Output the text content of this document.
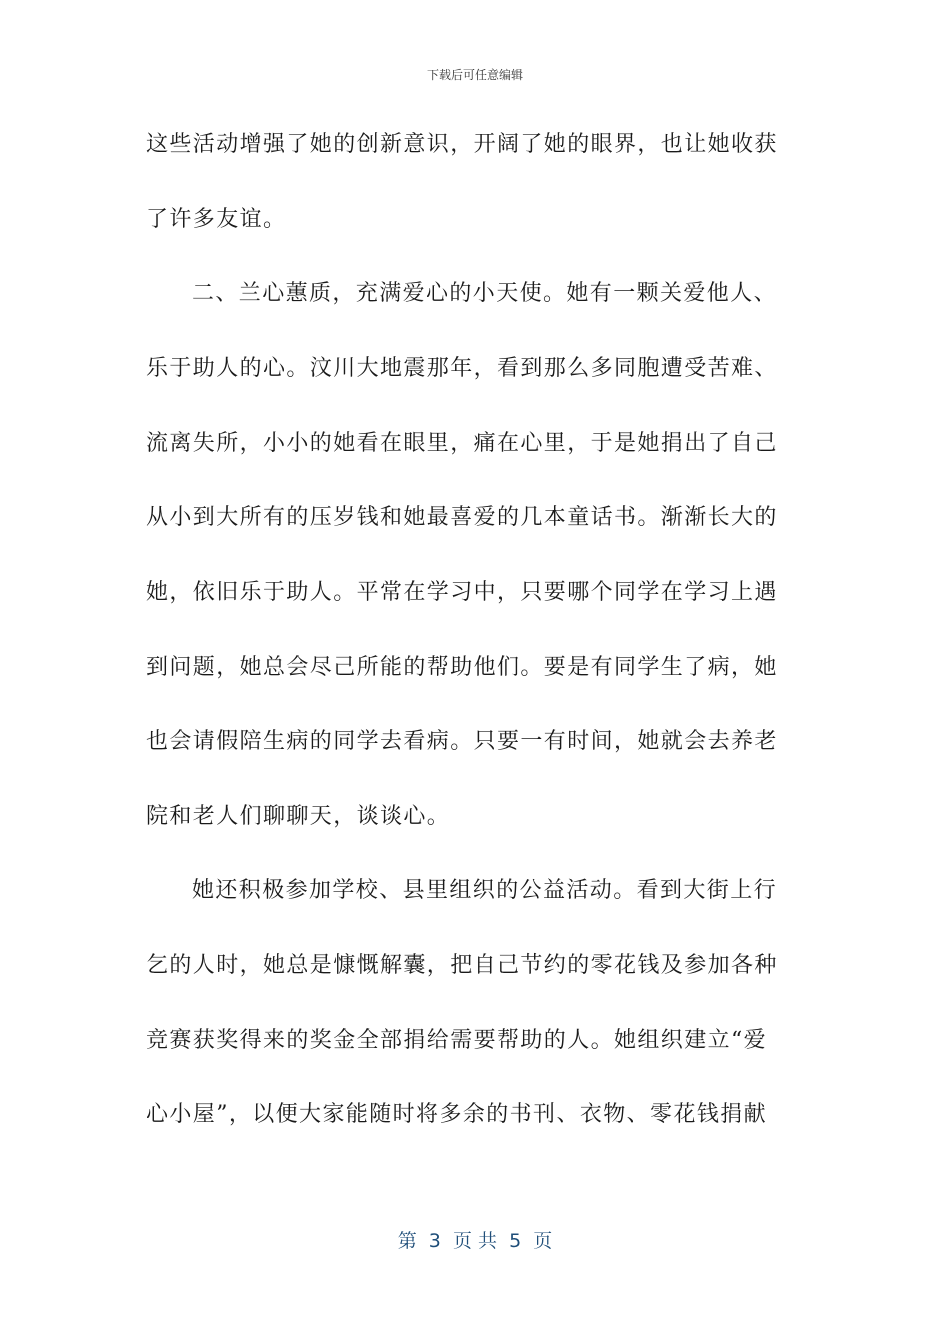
下载后可任意编辑
这些活动增强了她的创新意识，开阔了她的眼界，也让她收获
了许多友谊。
二、兰心蕙质，充满爱心的小天使。她有一颗关爱他人、
乐于助人的心。汶川大地震那年，看到那么多同胞遭受苦难、
流离失所，小小的她看在眼里，痛在心里，于是她捐出了自己
从小到大所有的压岁钱和她最喜爱的几本童话书。渐渐长大的
她，依旧乐于助人。平常在学习中，只要哪个同学在学习上遇
到问题，她总会尽己所能的帮助他们。要是有同学生了病，她
也会请假陪生病的同学去看病。只要一有时间，她就会去养老
院和老人们聊聊天，谈谈心。
她还积极参加学校、县里组织的公益活动。看到大街上行
乞的人时，她总是慷慨解囊，把自己节约的零花钱及参加各种
竞赛获奖得来的奖金全部捐给需要帮助的人。她组织建立“爱
心小屋”，以便大家能随时将多余的书刊、衣物、零花钱捐献
第  3  页 共  5  页
